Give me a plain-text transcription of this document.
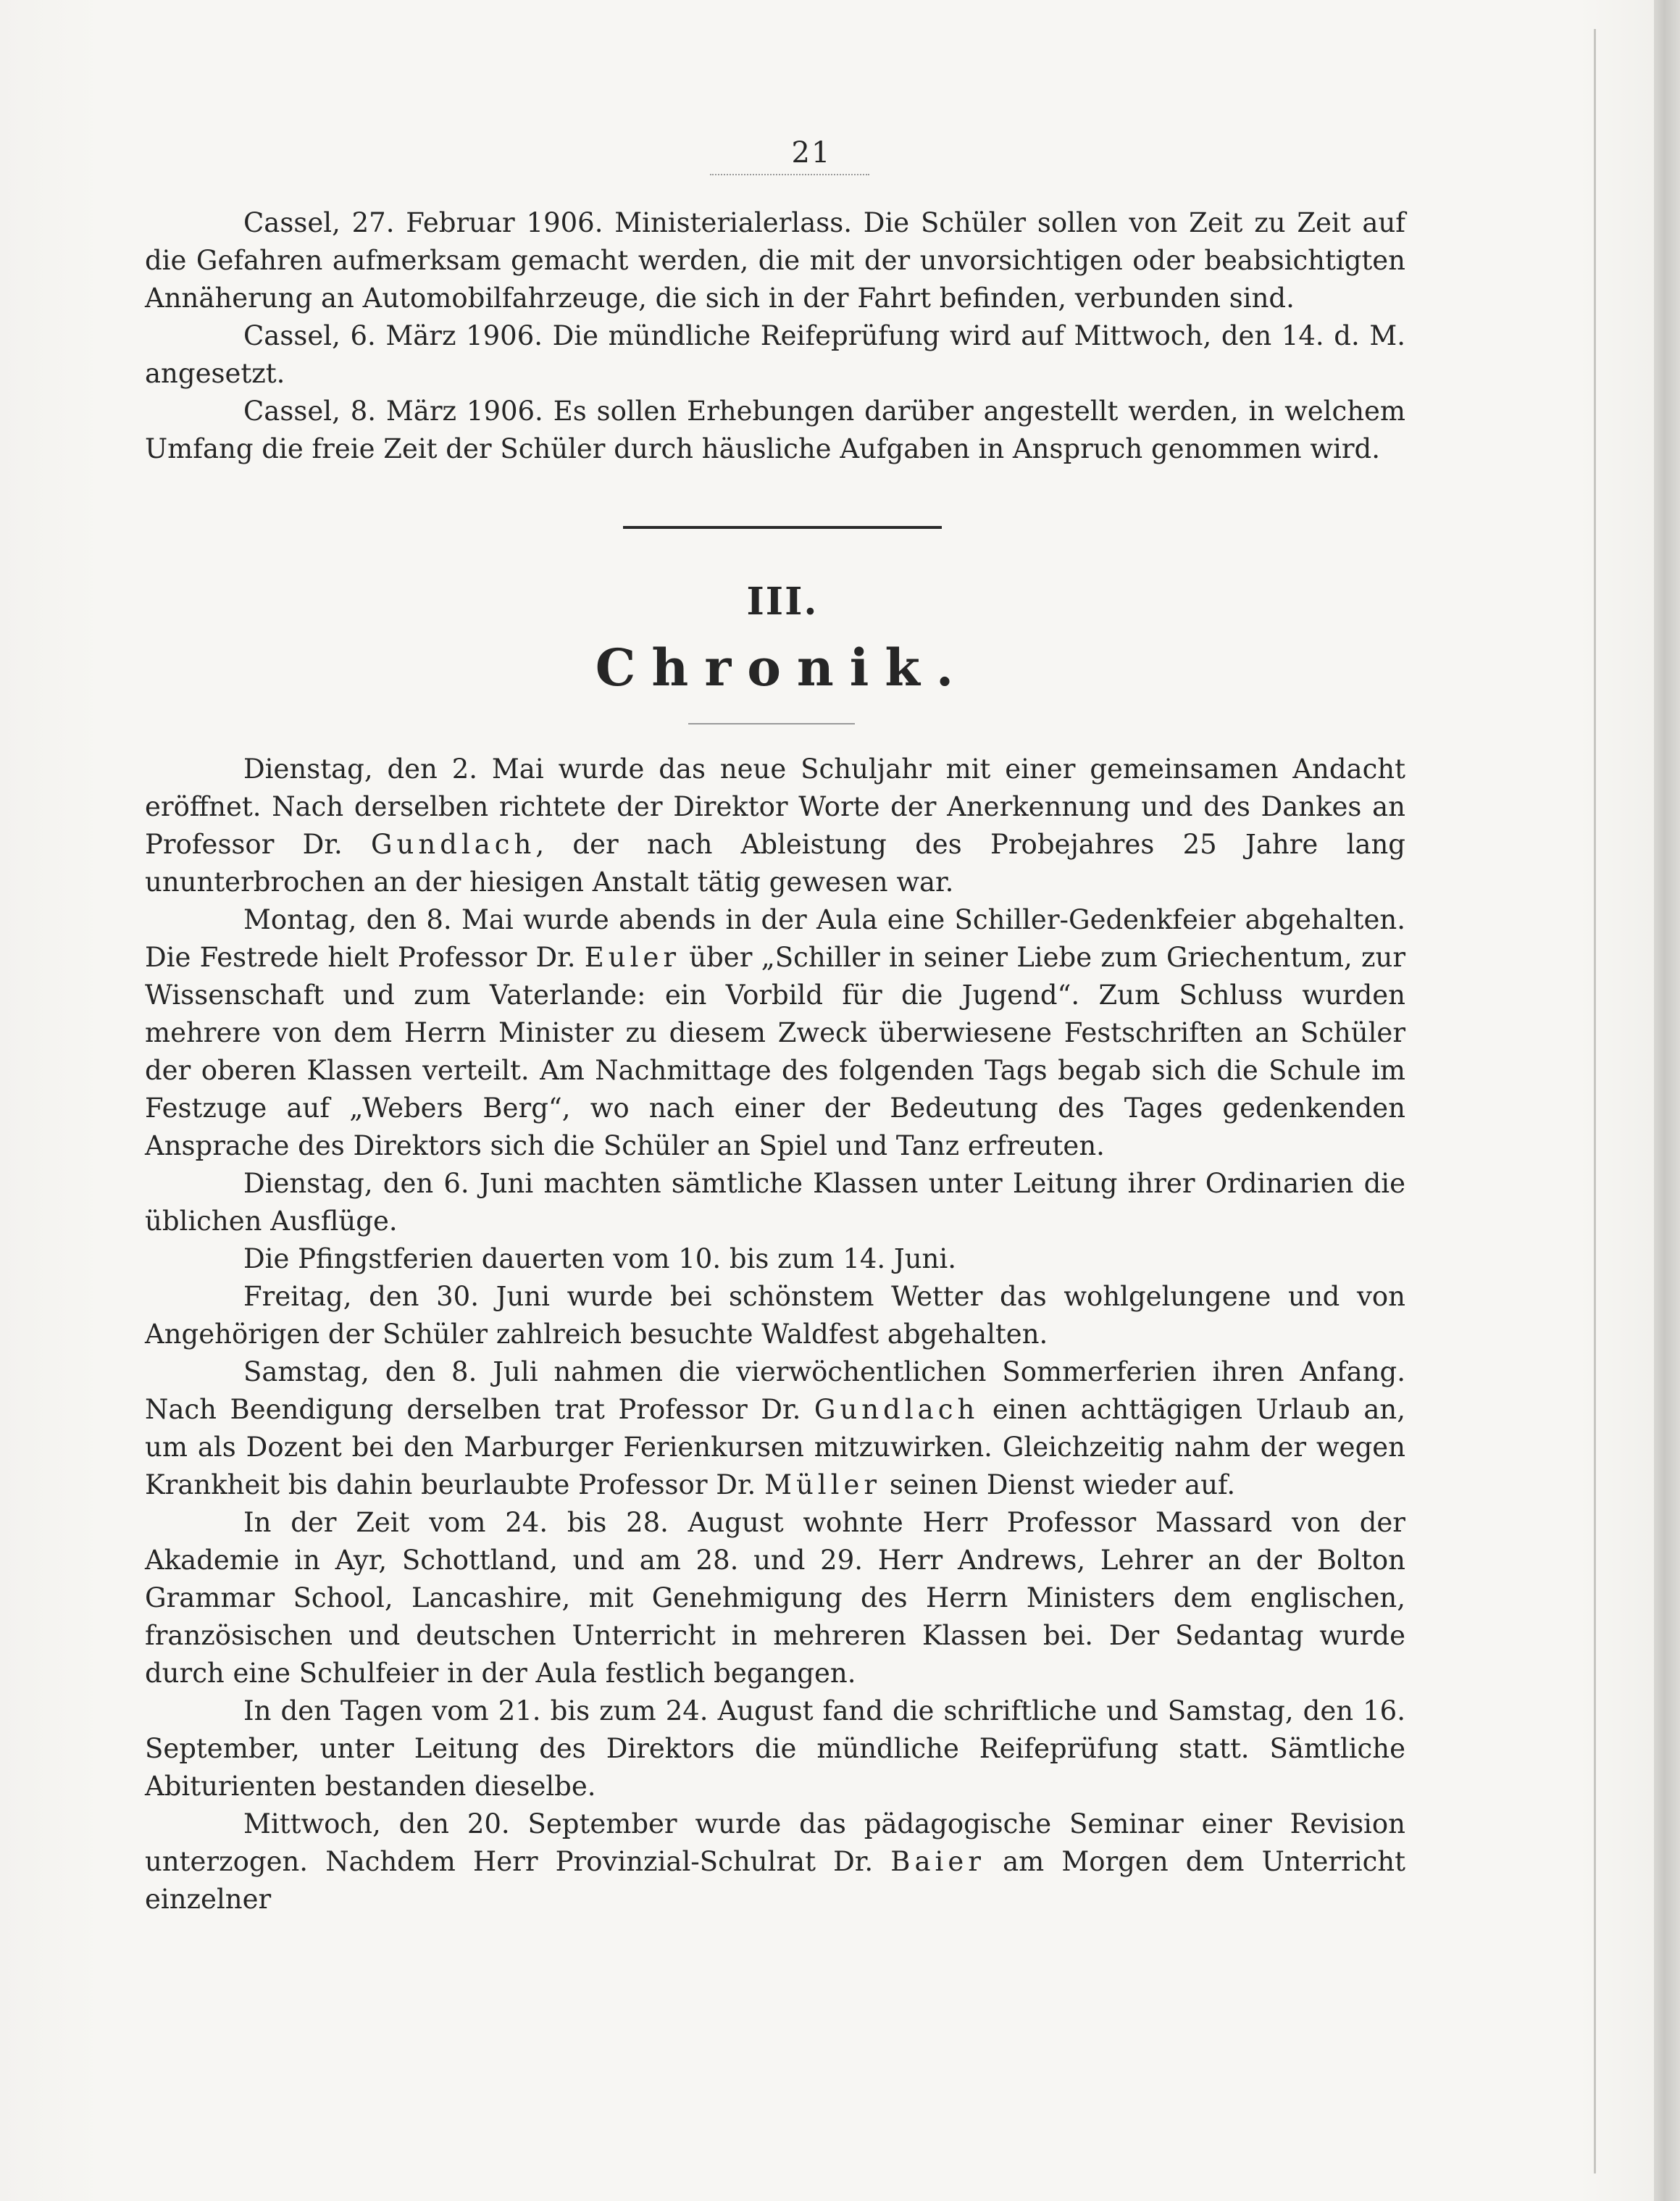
21

Cassel, 27. Februar 1906. Ministerialerlass. Die Schüler sollen von Zeit zu Zeit auf die Gefahren aufmerksam gemacht werden, die mit der unvorsichtigen oder beabsichtigten Annäherung an Automobilfahrzeuge, die sich in der Fahrt befinden, verbunden sind.

Cassel, 6. März 1906. Die mündliche Reifeprüfung wird auf Mittwoch, den 14. d. M. angesetzt.

Cassel, 8. März 1906. Es sollen Erhebungen darüber angestellt werden, in welchem Umfang die freie Zeit der Schüler durch häusliche Aufgaben in Anspruch genommen wird.

III.
Chronik.

Dienstag, den 2. Mai wurde das neue Schuljahr mit einer gemeinsamen Andacht eröffnet. Nach derselben richtete der Direktor Worte der Anerkennung und des Dankes an Professor Dr. Gundlach, der nach Ableistung des Probejahres 25 Jahre lang ununterbrochen an der hiesigen Anstalt tätig gewesen war.

Montag, den 8. Mai wurde abends in der Aula eine Schiller-Gedenkfeier abgehalten. Die Festrede hielt Professor Dr. Euler über „Schiller in seiner Liebe zum Griechentum, zur Wissenschaft und zum Vaterlande: ein Vorbild für die Jugend“. Zum Schluss wurden mehrere von dem Herrn Minister zu diesem Zweck überwiesene Festschriften an Schüler der oberen Klassen verteilt. Am Nachmittage des folgenden Tags begab sich die Schule im Festzuge auf „Webers Berg“, wo nach einer der Bedeutung des Tages gedenkenden Ansprache des Direktors sich die Schüler an Spiel und Tanz erfreuten.

Dienstag, den 6. Juni machten sämtliche Klassen unter Leitung ihrer Ordinarien die üblichen Ausflüge.

Die Pfingstferien dauerten vom 10. bis zum 14. Juni.

Freitag, den 30. Juni wurde bei schönstem Wetter das wohlgelungene und von Angehörigen der Schüler zahlreich besuchte Waldfest abgehalten.

Samstag, den 8. Juli nahmen die vierwöchentlichen Sommerferien ihren Anfang. Nach Beendigung derselben trat Professor Dr. Gundlach einen achttägigen Urlaub an, um als Dozent bei den Marburger Ferienkursen mitzuwirken. Gleichzeitig nahm der wegen Krankheit bis dahin beurlaubte Professor Dr. Müller seinen Dienst wieder auf.

In der Zeit vom 24. bis 28. August wohnte Herr Professor Massard von der Akademie in Ayr, Schottland, und am 28. und 29. Herr Andrews, Lehrer an der Bolton Grammar School, Lancashire, mit Genehmigung des Herrn Ministers dem englischen, französischen und deutschen Unterricht in mehreren Klassen bei. Der Sedantag wurde durch eine Schulfeier in der Aula festlich begangen.

In den Tagen vom 21. bis zum 24. August fand die schriftliche und Samstag, den 16. September, unter Leitung des Direktors die mündliche Reifeprüfung statt. Sämtliche Abiturienten bestanden dieselbe.

Mittwoch, den 20. September wurde das pädagogische Seminar einer Revision unterzogen. Nachdem Herr Provinzial-Schulrat Dr. Baier am Morgen dem Unterricht einzelner
